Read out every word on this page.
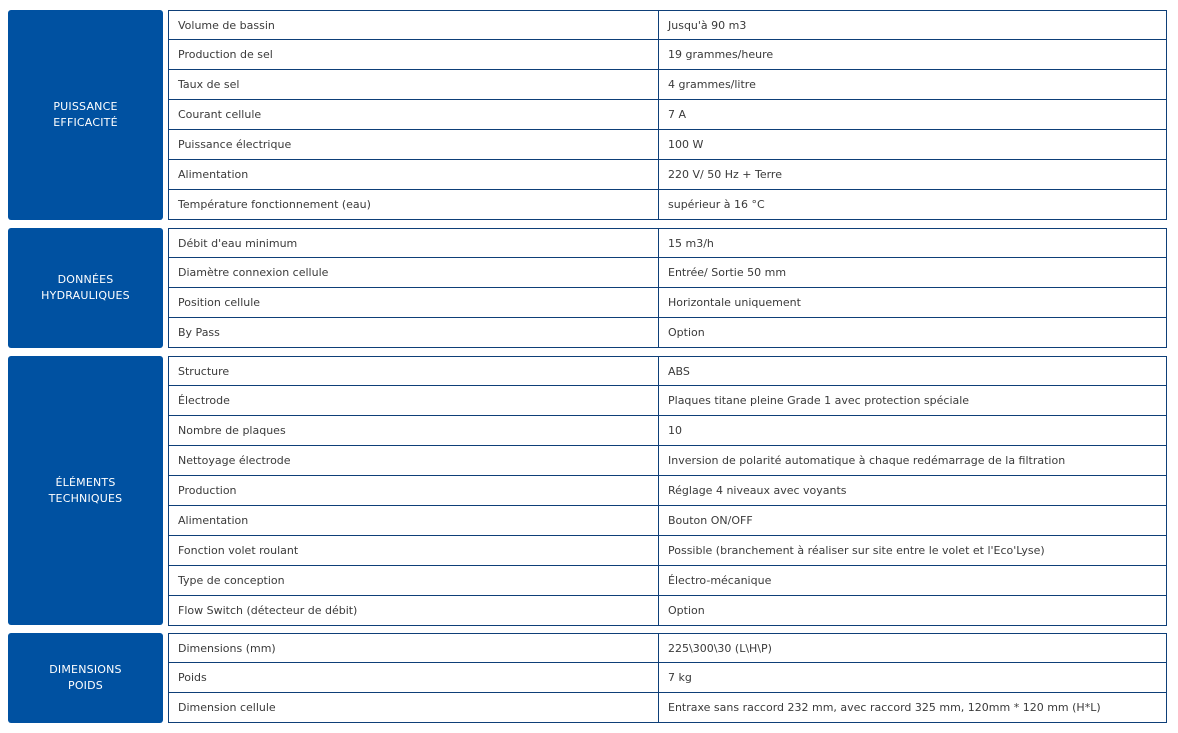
PUISSANCE
EFFICACITÉ
Volume de bassin	Jusqu'à 90 m3
Production de sel	19 grammes/heure
Taux de sel	4 grammes/litre
Courant cellule	7 A
Puissance électrique	100 W
Alimentation	220 V/ 50 Hz + Terre
Température fonctionnement (eau)	supérieur à 16 °C
DONNÉES
HYDRAULIQUES
Débit d'eau minimum	15 m3/h
Diamètre connexion cellule	Entrée/ Sortie 50 mm
Position cellule	Horizontale uniquement
By Pass	Option
ÉLÉMENTS
TECHNIQUES
Structure	ABS
Électrode	Plaques titane pleine Grade 1 avec protection spéciale
Nombre de plaques	10
Nettoyage électrode	Inversion de polarité automatique à chaque redémarrage de la filtration
Production	Réglage 4 niveaux avec voyants
Alimentation	Bouton ON/OFF
Fonction volet roulant	Possible (branchement à réaliser sur site entre le volet et l'Eco'Lyse)
Type de conception	Électro-mécanique
Flow Switch (détecteur de débit)	Option
DIMENSIONS
POIDS
Dimensions (mm)	225\300\30 (L\H\P)
Poids	7 kg
Dimension cellule	Entraxe sans raccord 232 mm, avec raccord 325 mm, 120mm * 120 mm (H*L)
